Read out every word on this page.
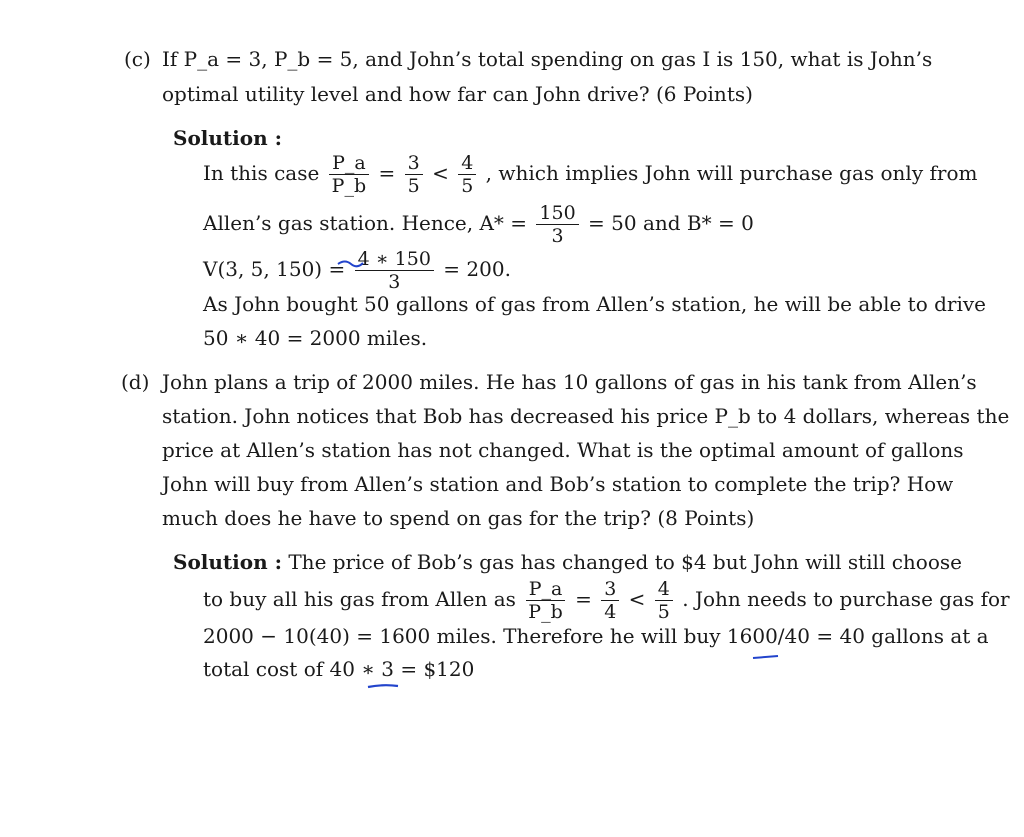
(c) If P_a = 3, P_b = 5, and John’s total spending on gas I is 150, what is John’s
optimal utility level and how far can John drive? (6 Points)
Solution :
In this case $\frac{P\_a}{P\_b} = \frac{3}{5} < \frac{4}{5}$ , which implies John will purchase gas only from
Allen’s gas station. Hence, $A* = \frac{150}{3} = 50$ and B* = 0
V(3, 5, $150) = \frac{4 ∗ 150}{3} = 200$.
As John bought 50 gallons of gas from Allen’s station, he will be able to drive
50 ∗ 40 = 2000 miles.
(d) John plans a trip of 2000 miles. He has 10 gallons of gas in his tank from Allen’s
station. John notices that Bob has decreased his price P_b to 4 dollars, whereas the
price at Allen’s station has not changed. What is the optimal amount of gallons
John will buy from Allen’s station and Bob’s station to complete the trip? How
much does he have to spend on gas for the trip? (8 Points)
Solution : The price of Bob’s gas has changed to $4 but John will still choose
to buy all his gas from Allen as $\frac{P\_a}{P\_b} = \frac{3}{4} < \frac{4}{5}$ . John needs to purchase gas for
2000 − 10(40) = 1600 miles. Therefore he will buy 1600/40 = 40 gallons at a
total cost of 40 ∗ 3 = $120
